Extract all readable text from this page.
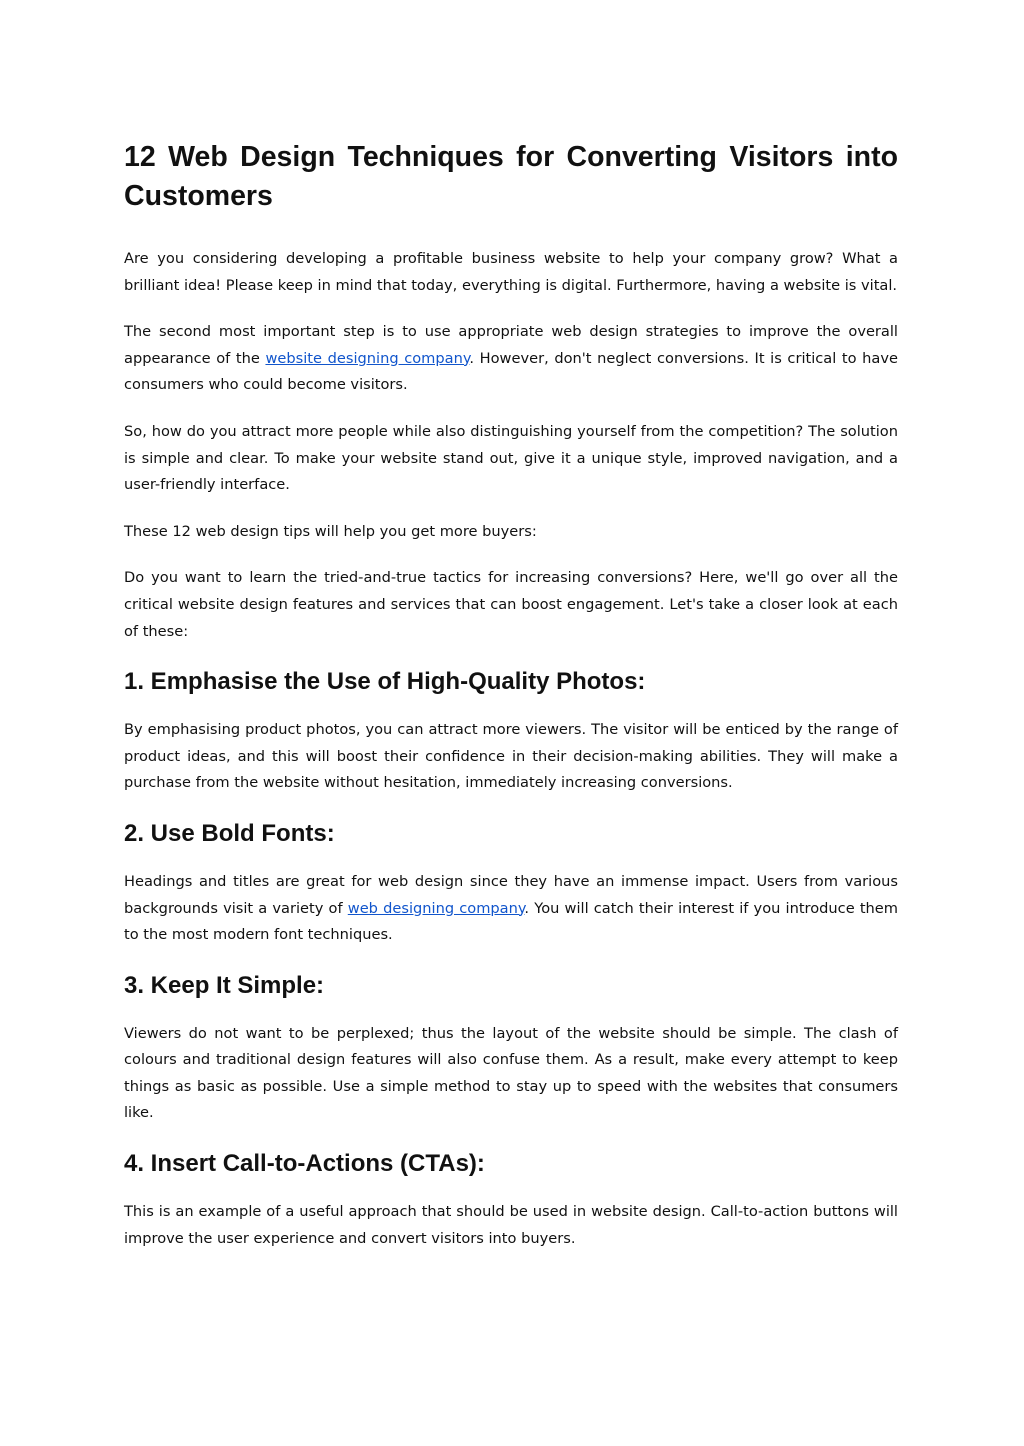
12 Web Design Techniques for Converting Visitors into Customers

Are you considering developing a profitable business website to help your company grow? What a brilliant idea! Please keep in mind that today, everything is digital. Furthermore, having a website is vital.

The second most important step is to use appropriate web design strategies to improve the overall appearance of the website designing company. However, don't neglect conversions. It is critical to have consumers who could become visitors.

So, how do you attract more people while also distinguishing yourself from the competition? The solution is simple and clear. To make your website stand out, give it a unique style, improved navigation, and a user-friendly interface.

These 12 web design tips will help you get more buyers:

Do you want to learn the tried-and-true tactics for increasing conversions? Here, we'll go over all the critical website design features and services that can boost engagement. Let's take a closer look at each of these:

1. Emphasise the Use of High-Quality Photos:

By emphasising product photos, you can attract more viewers. The visitor will be enticed by the range of product ideas, and this will boost their confidence in their decision-making abilities. They will make a purchase from the website without hesitation, immediately increasing conversions.

2. Use Bold Fonts:

Headings and titles are great for web design since they have an immense impact. Users from various backgrounds visit a variety of web designing company. You will catch their interest if you introduce them to the most modern font techniques.

3. Keep It Simple:

Viewers do not want to be perplexed; thus the layout of the website should be simple. The clash of colours and traditional design features will also confuse them. As a result, make every attempt to keep things as basic as possible. Use a simple method to stay up to speed with the websites that consumers like.

4. Insert Call-to-Actions (CTAs):

This is an example of a useful approach that should be used in website design. Call-to-action buttons will improve the user experience and convert visitors into buyers.
